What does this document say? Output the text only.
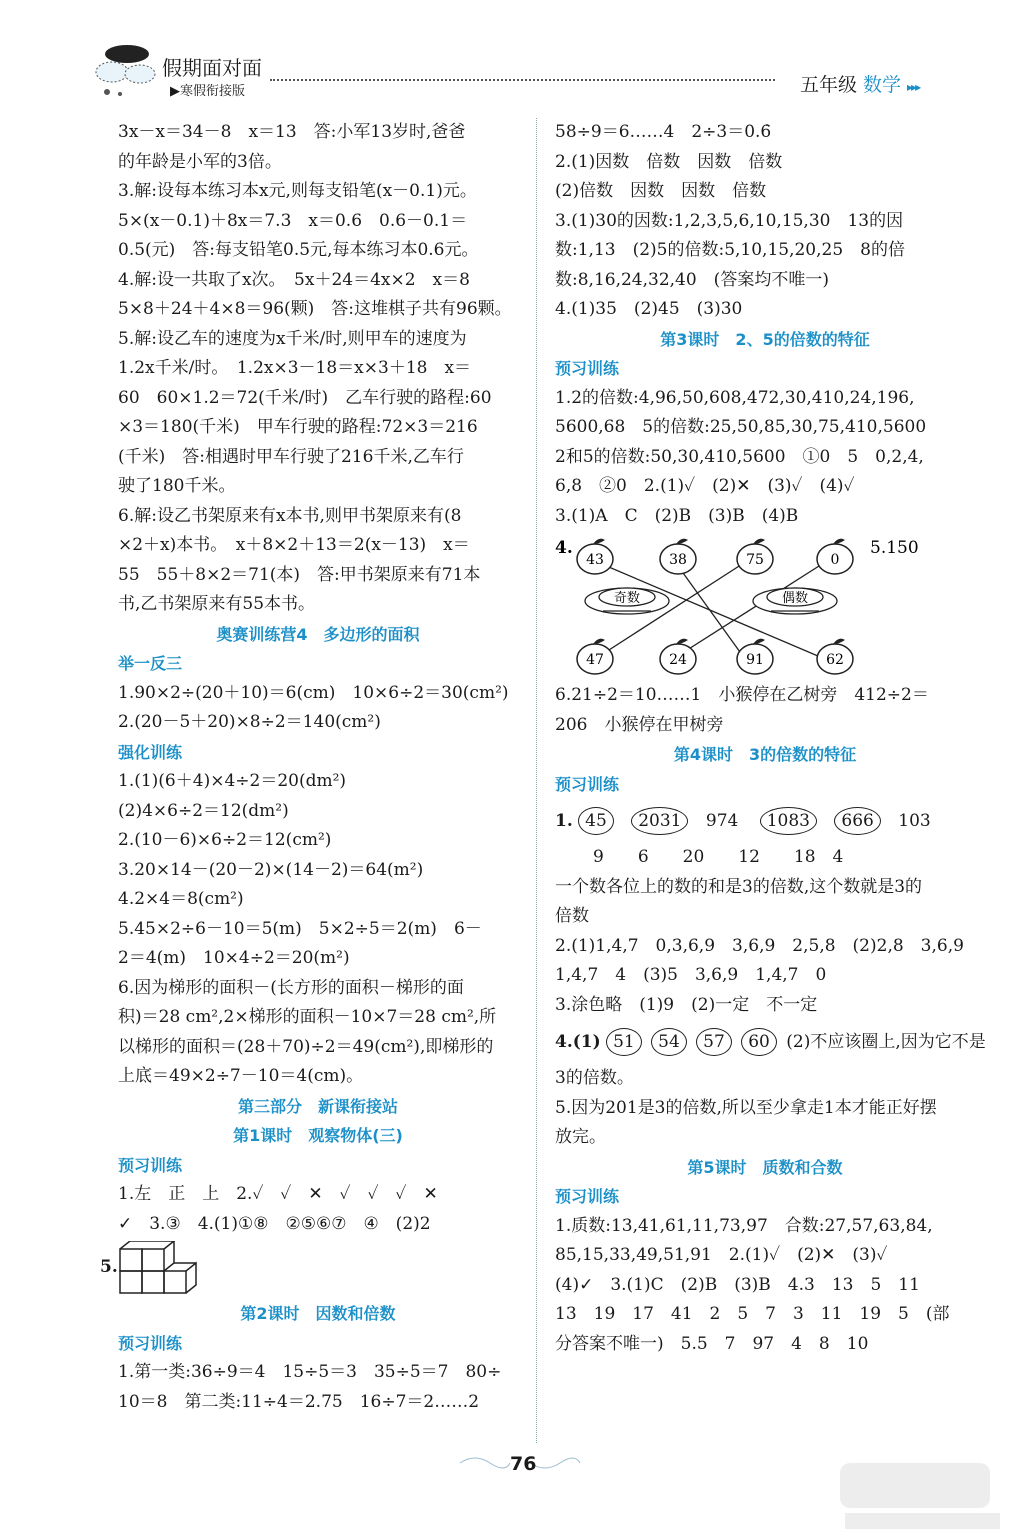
假期面对面
▶寒假衔接版	五年级 数学 ▸▸▸
3x－x＝34－8　x＝13　答:小军13岁时,爸爸
的年龄是小军的3倍。
3.解:设每本练习本x元,则每支铅笔(x－0.1)元。
5×(x－0.1)＋8x＝7.3　x＝0.6　0.6－0.1＝
0.5(元)　答:每支铅笔0.5元,每本练习本0.6元。
4.解:设一共取了x次。　5x＋24＝4x×2　x＝8
5×8＋24＋4×8＝96(颗)　答:这堆棋子共有96颗。
5.解:设乙车的速度为x千米/时,则甲车的速度为
1.2x千米/时。　1.2x×3－18＝x×3＋18　x＝
60　60×1.2＝72(千米/时)　乙车行驶的路程:60
×3＝180(千米)　甲车行驶的路程:72×3＝216
(千米)　答:相遇时甲车行驶了216千米,乙车行
驶了180千米。
6.解:设乙书架原来有x本书,则甲书架原来有(8
×2＋x)本书。　x＋8×2＋13＝2(x－13)　x＝
55　55＋8×2＝71(本)　答:甲书架原来有71本
书,乙书架原来有55本书。
奥赛训练营4　多边形的面积
举一反三
1.90×2÷(20＋10)＝6(cm)　10×6÷2＝30(cm²)
2.(20－5＋20)×8÷2＝140(cm²)
强化训练
1.(1)(6＋4)×4÷2＝20(dm²)
(2)4×6÷2＝12(dm²)
2.(10－6)×6÷2＝12(cm²)
3.20×14－(20－2)×(14－2)＝64(m²)
4.2×4＝8(cm²)
5.45×2÷6－10＝5(m)　5×2÷5＝2(m)　6－
2＝4(m)　10×4÷2＝20(m²)
6.因为梯形的面积－(长方形的面积－梯形的面
积)＝28 cm²,2×梯形的面积－10×7＝28 cm²,所
以梯形的面积＝(28＋70)÷2＝49(cm²),即梯形的
上底＝49×2÷7－10＝4(cm)。
第三部分　新课衔接站
第1课时　观察物体(三)
预习训练
1.左　正　上　2.✓　✓　✕　✓　✓　✓　✕
✓　3.③　4.(1)①⑧　②⑤⑥⑦　④　(2)2
5.
第2课时　因数和倍数
预习训练
1.第一类:36÷9＝4　15÷5＝3　35÷5＝7　80÷
10＝8　第二类:11÷4＝2.75　16÷7＝2……2
58÷9＝6……4　2÷3＝0.6̇
2.(1)因数　倍数　因数　倍数
(2)倍数　因数　因数　倍数
3.(1)30的因数:1,2,3,5,6,10,15,30　13的因
数:1,13　(2)5的倍数:5,10,15,20,25　8的倍
数:8,16,24,32,40　(答案均不唯一)
4.(1)35　(2)45　(3)30
第3课时　2、5的倍数的特征
预习训练
1.2的倍数:4,96,50,608,472,30,410,24,196,
5600,68　5的倍数:25,50,85,30,75,410,5600
2和5的倍数:50,30,410,5600　①0　5　0,2,4,
6,8　②0　2.(1)✓　(2)✕　(3)✓　(4)✓
3.(1)A　C　(2)B　(3)B　(4)B
奇数	偶数
4.	5.150
43	38	75	0
47	24	91	62
6.21÷2＝10……1　小猴停在乙树旁　412÷2＝
206　小猴停在甲树旁
第4课时　3的倍数的特征
预习训练
1. 45 2031 974 1083 666 103
9　　6　　20　　12　　18　4
一个数各位上的数的和是3的倍数,这个数就是3的
倍数
2.(1)1,4,7　0,3,6,9　3,6,9　2,5,8　(2)2,8　3,6,9
1,4,7　4　(3)5　3,6,9　1,4,7　0
3.涂色略　(1)9　(2)一定　不一定
4.(1) 51 54 57 60 (2)不应该圈上,因为它不是
3的倍数。
5.因为201是3的倍数,所以至少拿走1本才能正好摆
放完。
第5课时　质数和合数
预习训练
1.质数:13,41,61,11,73,97　合数:27,57,63,84,
85,15,33,49,51,91　2.(1)✓　(2)✕　(3)✓
(4)✓　3.(1)C　(2)B　(3)B　4.3　13　5　11
13　19　17　41　2　5　7　3　11　19　5　(部
分答案不唯一)　5.5　7　97　4　8　10
76
